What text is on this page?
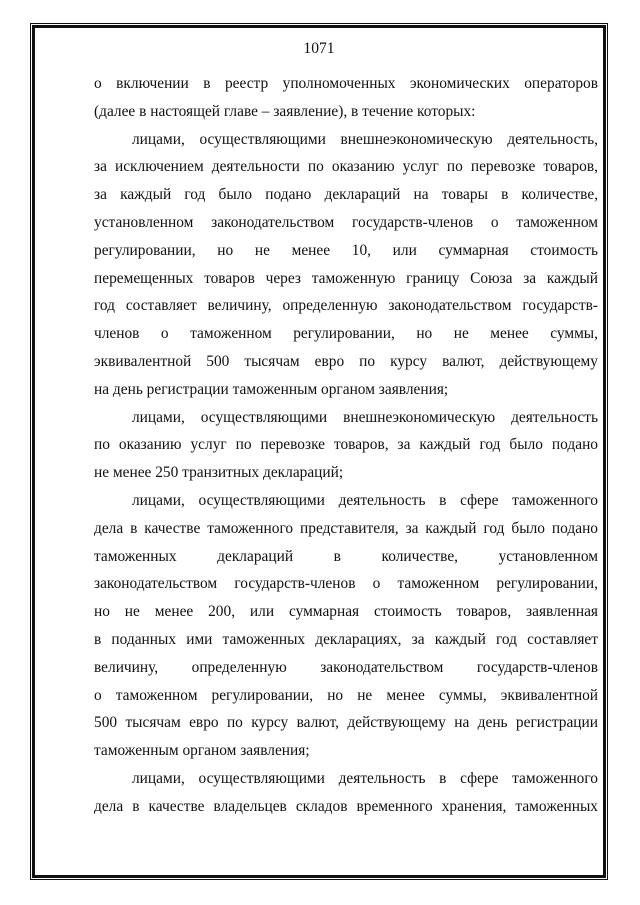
1071
о включении в реестр уполномоченных экономических операторов
(далее в настоящей главе – заявление), в течение которых:
лицами, осуществляющими внешнеэкономическую деятельность,
за исключением деятельности по оказанию услуг по перевозке товаров,
за каждый год было подано деклараций на товары в количестве,
установленном законодательством государств-членов о таможенном
регулировании, но не менее 10, или суммарная стоимость
перемещенных товаров через таможенную границу Союза за каждый
год составляет величину, определенную законодательством государств-
членов о таможенном регулировании, но не менее суммы,
эквивалентной 500 тысячам евро по курсу валют, действующему
на день регистрации таможенным органом заявления;
лицами, осуществляющими внешнеэкономическую деятельность
по оказанию услуг по перевозке товаров, за каждый год было подано
не менее 250 транзитных деклараций;
лицами, осуществляющими деятельность в сфере таможенного
дела в качестве таможенного представителя, за каждый год было подано
таможенных деклараций в количестве, установленном
законодательством государств-членов о таможенном регулировании,
но не менее 200, или суммарная стоимость товаров, заявленная
в поданных ими таможенных декларациях, за каждый год составляет
величину, определенную законодательством государств-членов
о таможенном регулировании, но не менее суммы, эквивалентной
500 тысячам евро по курсу валют, действующему на день регистрации
таможенным органом заявления;
лицами, осуществляющими деятельность в сфере таможенного
дела в качестве владельцев складов временного хранения, таможенных
